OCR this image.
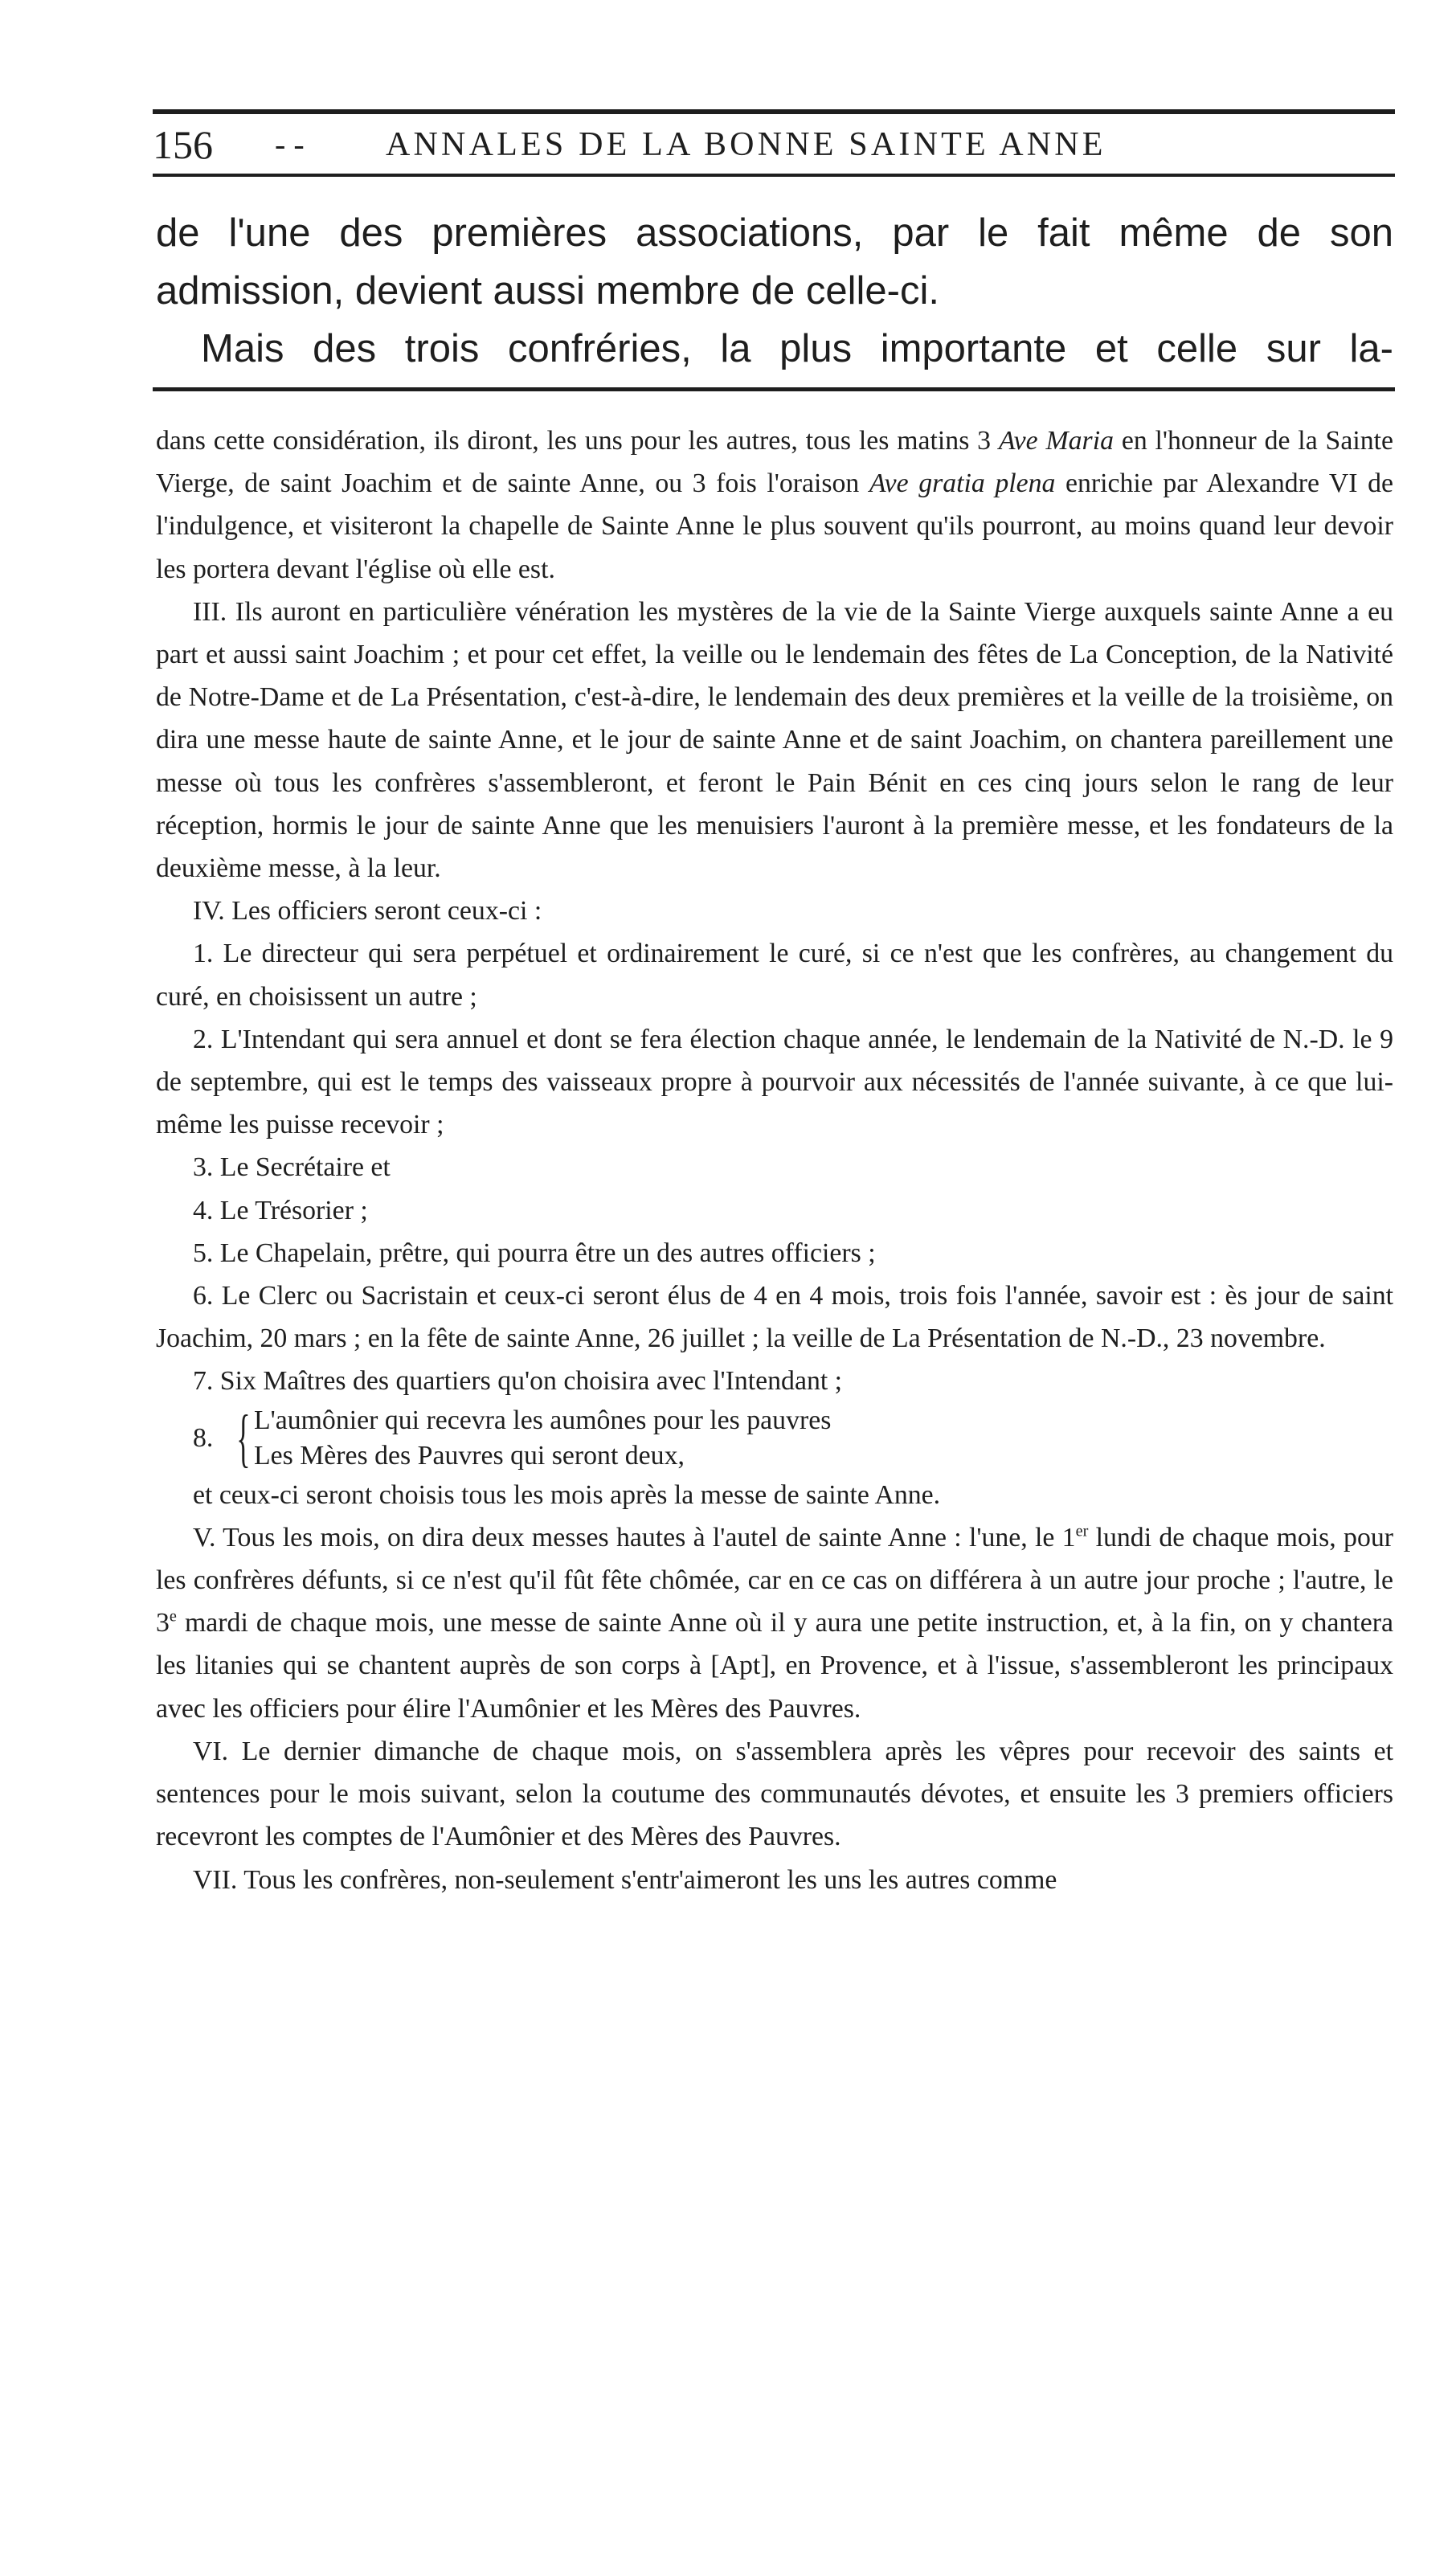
156 - - ANNALES DE LA BONNE SAINTE ANNE

de l'une des premières associations, par le fait même de son

admission, devient aussi membre de celle-ci.

Mais des trois confréries, la plus importante et celle sur la-

dans cette considération, ils diront, les uns pour les autres, tous les matins 3 Ave Maria en l'honneur de la Sainte Vierge, de saint Joachim et de sainte Anne, ou 3 fois l'oraison Ave gratia plena enrichie par Alexandre VI de l'indulgence, et visiteront la chapelle de Sainte Anne le plus souvent qu'ils pourront, au moins quand leur devoir les portera devant l'église où elle est.

III. Ils auront en particulière vénération les mystères de la vie de la Sainte Vierge auxquels sainte Anne a eu part et aussi saint Joachim ; et pour cet effet, la veille ou le lendemain des fêtes de La Conception, de la Nativité de Notre-Dame et de La Présentation, c'est-à-dire, le lendemain des deux premières et la veille de la troisième, on dira une messe haute de sainte Anne, et le jour de sainte Anne et de saint Joachim, on chantera pareillement une messe où tous les confrères s'assembleront, et feront le Pain Bénit en ces cinq jours selon le rang de leur réception, hormis le jour de sainte Anne que les menuisiers l'auront à la première messe, et les fondateurs de la deuxième messe, à la leur.

IV. Les officiers seront ceux-ci :

1. Le directeur qui sera perpétuel et ordinairement le curé, si ce n'est que les confrères, au changement du curé, en choisissent un autre ;

2. L'Intendant qui sera annuel et dont se fera élection chaque année, le lendemain de la Nativité de N.-D. le 9 de septembre, qui est le temps des vaisseaux propre à pourvoir aux nécessités de l'année suivante, à ce que lui-même les puisse recevoir ;

3. Le Secrétaire et

4. Le Trésorier ;

5. Le Chapelain, prêtre, qui pourra être un des autres officiers ;

6. Le Clerc ou Sacristain et ceux-ci seront élus de 4 en 4 mois, trois fois l'année, savoir est : ès jour de saint Joachim, 20 mars ; en la fête de sainte Anne, 26 juillet ; la veille de La Présentation de N.-D., 23 novembre.

7. Six Maîtres des quartiers qu'on choisira avec l'Intendant ;

8. { L'aumônier qui recevra les aumônes pour les pauvres
Les Mères des Pauvres qui seront deux,

et ceux-ci seront choisis tous les mois après la messe de sainte Anne.

V. Tous les mois, on dira deux messes hautes à l'autel de sainte Anne : l'une, le 1er lundi de chaque mois, pour les confrères défunts, si ce n'est qu'il fût fête chômée, car en ce cas on différera à un autre jour proche ; l'autre, le 3e mardi de chaque mois, une messe de sainte Anne où il y aura une petite instruction, et, à la fin, on y chantera les litanies qui se chantent auprès de son corps à [Apt], en Provence, et à l'issue, s'assembleront les principaux avec les officiers pour élire l'Aumônier et les Mères des Pauvres.

VI. Le dernier dimanche de chaque mois, on s'assemblera après les vêpres pour recevoir des saints et sentences pour le mois suivant, selon la coutume des communautés dévotes, et ensuite les 3 premiers officiers recevront les comptes de l'Aumônier et des Mères des Pauvres.

VII. Tous les confrères, non-seulement s'entr'aimeront les uns les autres comme
